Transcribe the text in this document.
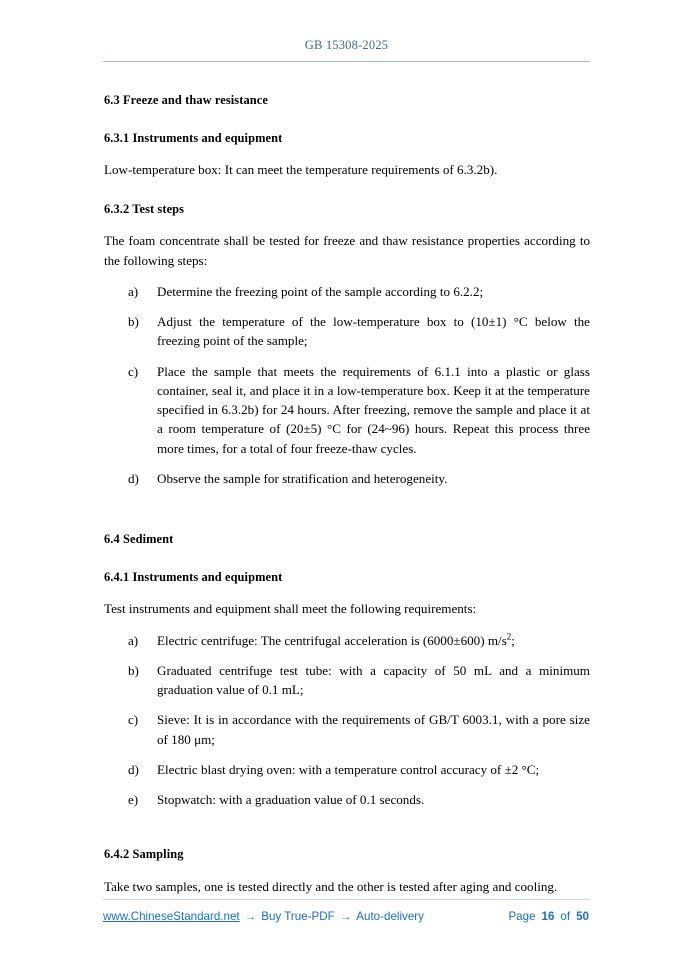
GB 15308-2025
6.3 Freeze and thaw resistance
6.3.1 Instruments and equipment

Low-temperature box: It can meet the temperature requirements of 6.3.2b).

6.3.2 Test steps

The foam concentrate shall be tested for freeze and thaw resistance properties according to the following steps:

a)	Determine the freezing point of the sample according to 6.2.2;
b)	Adjust the temperature of the low-temperature box to (10±1) °C below the freezing point of the sample;
c)	Place the sample that meets the requirements of 6.1.1 into a plastic or glass container, seal it, and place it in a low-temperature box. Keep it at the temperature specified in 6.3.2b) for 24 hours. After freezing, remove the sample and place it at a room temperature of (20±5) °C for (24~96) hours. Repeat this process three more times, for a total of four freeze-thaw cycles.
d)	Observe the sample for stratification and heterogeneity.
6.4 Sediment
6.4.1 Instruments and equipment

Test instruments and equipment shall meet the following requirements:

a)	Electric centrifuge: The centrifugal acceleration is (6000±600) $m/s^2$;
b)	Graduated centrifuge test tube: with a capacity of 50 mL and a minimum graduation value of 0.1 mL;
c)	Sieve: It is in accordance with the requirements of GB/T 6003.1, with a pore size of 180 μm;
d)	Electric blast drying oven: with a temperature control accuracy of ±2 °C;
e)	Stopwatch: with a graduation value of 0.1 seconds.
6.4.2 Sampling

Take two samples, one is tested directly and the other is tested after aging and cooling.

www.ChineseStandard.net → Buy True-PDF → Auto-delivery	Page 16 of 50
